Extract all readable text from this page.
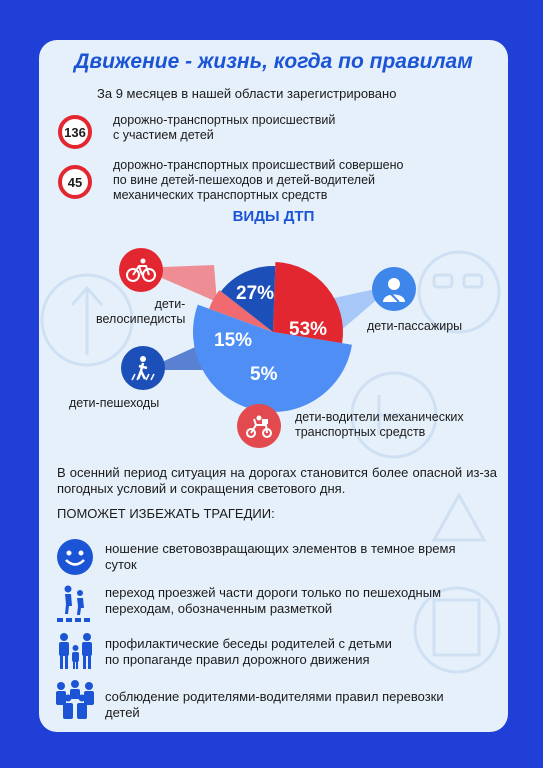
Движение - жизнь, когда по правилам
За 9 месяцев в нашей области зарегистрировано
136
дорожно-транспортных происшествий
с участием детей
45
дорожно-транспортных происшествий совершено
по вине детей-пешеходов и детей-водителей
механических транспортных средств
ВИДЫ ДТП
27%
53%
5%
15%
дети-
велосипедисты	дети-пассажиры
дети-пешеходы
дети-водители механических
транспортных средств
В осенний период ситуация на дорогах становится более опасной из-за погодных условий и сокращения светового дня.
ПОМОЖЕТ ИЗБЕЖАТЬ ТРАГЕДИИ:
ношение световозвращающих элементов в темное время
суток
переход проезжей части дороги только по пешеходным
переходам, обозначенным разметкой
профилактические беседы родителей с детьми
по пропаганде правил дорожного движения
соблюдение родителями-водителями правил перевозки
детей
